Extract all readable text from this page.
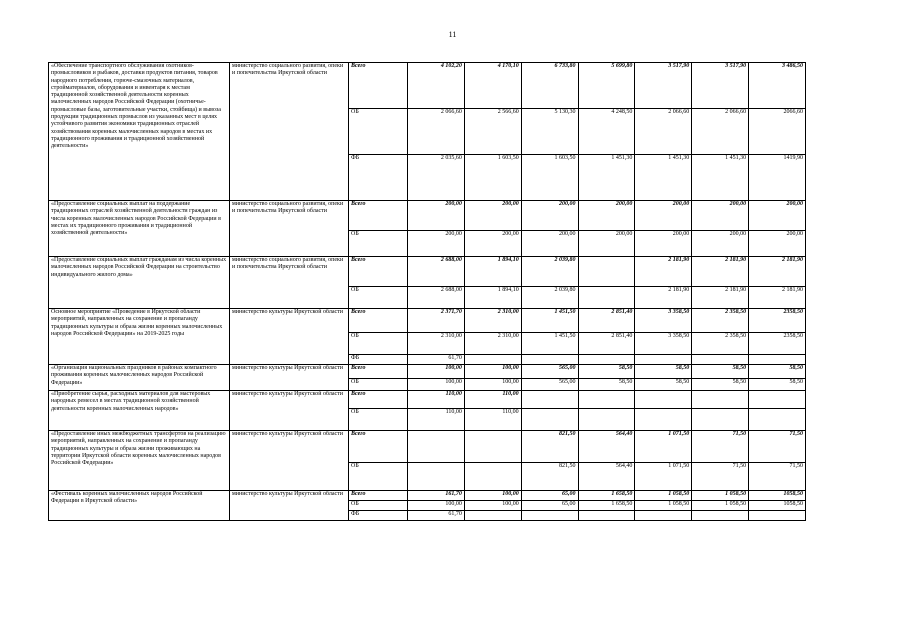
11
«Обеспечение транспортного обслуживания охотников-промысловиков и рыбаков, доставки продуктов питания, товаров народного потребления, горюче-смазочных материалов, стройматериалов, оборудования и инвентаря к местам традиционной хозяйственной деятельности коренных малочисленных народов Российской Федерации (охотничье-промысловые базы, заготовительные участки, стойбища) и вывоза продукции традиционных промыслов из указанных мест в целях устойчивого развития экономики традиционных отраслей хозяйствования коренных малочисленных народов в местах их традиционного проживания и традиционной хозяйственной деятельности»	министерство социального развития, опеки и попечительства Иркутской области	Всего	4 102,20	4 170,10	6 733,80	5 699,80	3 517,90	3 517,90	3 486,50
		ОБ	2 066,60	2 566,60	5 130,30	4 248,50	2 066,60	2 066,60	2066,60
		ФБ	2 035,60	1 603,50	1 603,50	1 451,30	1 451,30	1 451,30	1419,90
«Предоставление социальных выплат на поддержание традиционных отраслей хозяйственной деятельности граждан из числа коренных малочисленных народов Российской Федерации в местах их традиционного проживания и традиционной хозяйственной деятельности»	министерство социального развития, опеки и попечительства Иркутской области	Всего	200,00	200,00	200,00	200,00	200,00	200,00	200,00
		ОБ	200,00	200,00	200,00	200,00	200,00	200,00	200,00
«Предоставление социальных выплат гражданам из числа коренных малочисленных народов Российской Федерации на строительство индивидуального жилого дома»	министерство социального развития, опеки и попечительства Иркутской области	Всего	2 688,00	1 894,10	2 039,80		2 181,90	2 181,90	2 181,90
		ОБ	2 688,00	1 894,10	2 039,80		2 181,90	2 181,90	2 181,90
Основное мероприятие «Проведение в Иркутской области мероприятий, направленных на сохранение и пропаганду традиционных культуры и образа жизни коренных малочисленных народов Российской Федерации» на 2019-2025 годы	министерство культуры Иркутской области	Всего	2 371,70	2 310,00	1 451,50	2 851,40	3 358,50	2 358,50	2358,50
		ОБ	2 310,00	2 310,00	1 451,50	2 851,40	3 358,50	2 358,50	2358,50
		ФБ	61,70						
«Организация национальных праздников в районах компактного проживания коренных малочисленных народов Российской Федерации»	министерство культуры Иркутской области	Всего	100,00	100,00	565,00	58,50	58,50	58,50	58,50
		ОБ	100,00	100,00	565,00	58,50	58,50	58,50	58,50
«Приобретение сырья, расходных материалов для мастеровых народных ремесел в местах традиционной хозяйственной деятельности коренных малочисленных народов»	министерство культуры Иркутской области	Всего	110,00	110,00					
		ОБ	110,00	110,00					
«Предоставление иных межбюджетных трансфертов на реализацию мероприятий, направленных на сохранение и пропаганду традиционных культуры и образа жизни проживающих на территории Иркутской области коренных малочисленных народов Российской Федерации»	министерство культуры Иркутской области	Всего			821,50	564,40	1 071,50	71,50	71,50
		ОБ			821,50	564,40	1 071,50	71,50	71,50
«Фестиваль коренных малочисленных народов Российской Федерации в Иркутской области»	министерство культуры Иркутской области	Всего	161,70	100,00	65,00	1 658,50	1 058,50	1 058,50	1058,50
		ОБ	100,00	100,00	65,00	1 658,50	1 058,50	1 058,50	1058,50
		ФБ	61,70						
